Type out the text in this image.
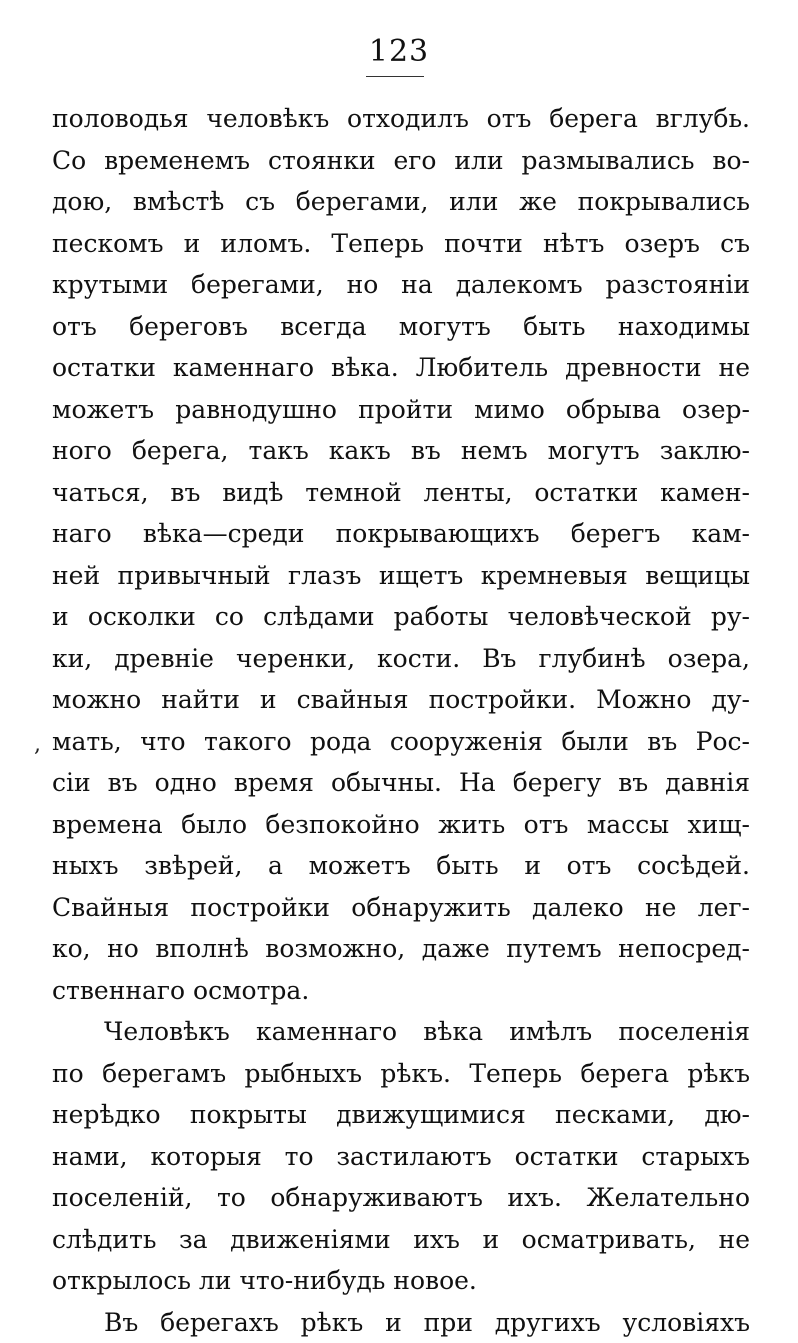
123
,
половодья человѣкъ отходилъ отъ берега вглубь.
Со временемъ стоянки его или размывались во-
дою, вмѣстѣ съ берегами, или же покрывались
пескомъ и иломъ. Теперь почти нѣтъ озеръ съ
крутыми берегами, но на далекомъ разстояніи
отъ береговъ всегда могутъ быть находимы
остатки каменнаго вѣка. Любитель древности не
можетъ равнодушно пройти мимо обрыва озер-
ного берега, такъ какъ въ немъ могутъ заклю-
чаться, въ видѣ темной ленты, остатки камен-
наго вѣка—среди покрывающихъ берегъ кам-
ней привычный глазъ ищетъ кремневыя вещицы
и осколки со слѣдами работы человѣческой ру-
ки, древніе черенки, кости. Въ глубинѣ озера,
можно найти и свайныя постройки. Можно ду-
мать, что такого рода сооруженія были въ Рос-
сіи въ одно время обычны. На берегу въ давнія
времена было безпокойно жить отъ массы хищ-
ныхъ звѣрей, а можетъ быть и отъ сосѣдей.
Свайныя постройки обнаружить далеко не лег-
ко, но вполнѣ возможно, даже путемъ непосред-
ственнаго осмотра.
Человѣкъ каменнаго вѣка имѣлъ поселенія
по берегамъ рыбныхъ рѣкъ. Теперь берега рѣкъ
нерѣдко покрыты движущимися песками, дю-
нами, которыя то застилаютъ остатки старыхъ
поселеній, то обнаруживаютъ ихъ. Желательно
слѣдить за движеніями ихъ и осматривать, не
открылось ли что-нибудь новое.
Въ берегахъ рѣкъ и при другихъ условіяхъ
